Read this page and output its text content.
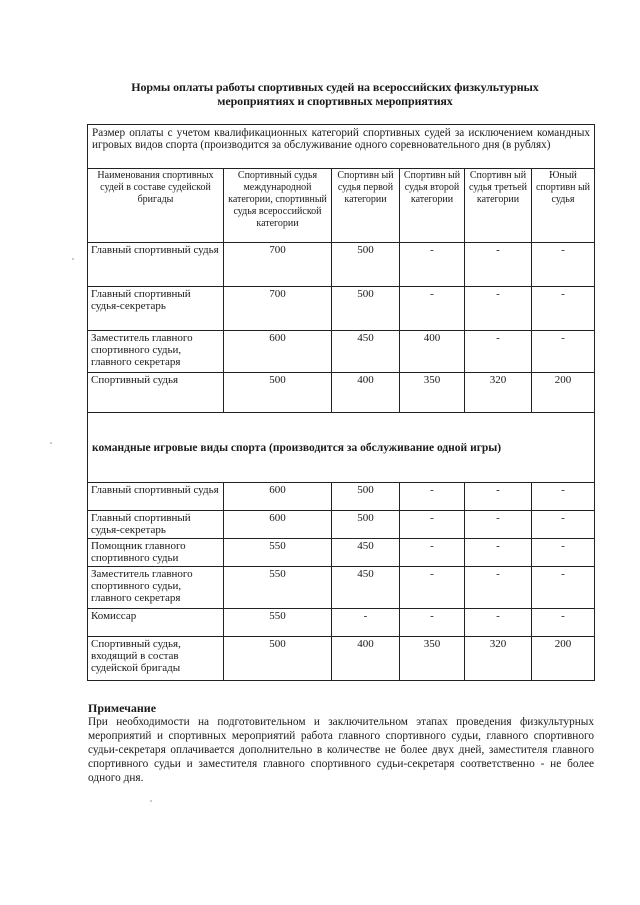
Нормы оплаты работы спортивных судей на всероссийских физкультурных мероприятиях и спортивных мероприятиях
Размер оплаты с учетом квалификационных категорий спортивных судей за исключением командных игровых видов спорта (производится за обслуживание одного соревновательного дня (в рублях)					
Наименования спортивных судей в составе судейской бригады	Спортивный судья международной категории, спортивный судья всероссийской категории	Спортивн ый судья первой категории	Спортивн ый судья второй категории	Спортивн ый судья третьей категории	Юный спортивн ый судья
Главный спортивный судья	700	500	-	-	-
Главный спортивный судья-секретарь	700	500	-	-	-
Заместитель главного спортивного судьи, главного секретаря	600	450	400	-	-
Спортивный судья	500	400	350	320	200
командные игровые виды спорта (производится за обслуживание одной игры)					
Главный спортивный судья	600	500	-	-	-
Главный спортивный судья-секретарь	600	500	-	-	-
Помощник главного спортивного судьи	550	450	-	-	-
Заместитель главного спортивного судьи, главного секретаря	550	450	-	-	-
Комиссар	550	-	-	-	-
Спортивный судья, входящий в состав судейской бригады	500	400	350	320	200
Примечание
При необходимости на подготовительном и заключительном этапах проведения физкультурных мероприятий и спортивных мероприятий работа главного спортивного судьи, главного спортивного судьи-секретаря оплачивается дополнительно в количестве не более двух дней, заместителя главного спортивного судьи и заместителя главного спортивного судьи-секретаря соответственно - не более одного дня.
